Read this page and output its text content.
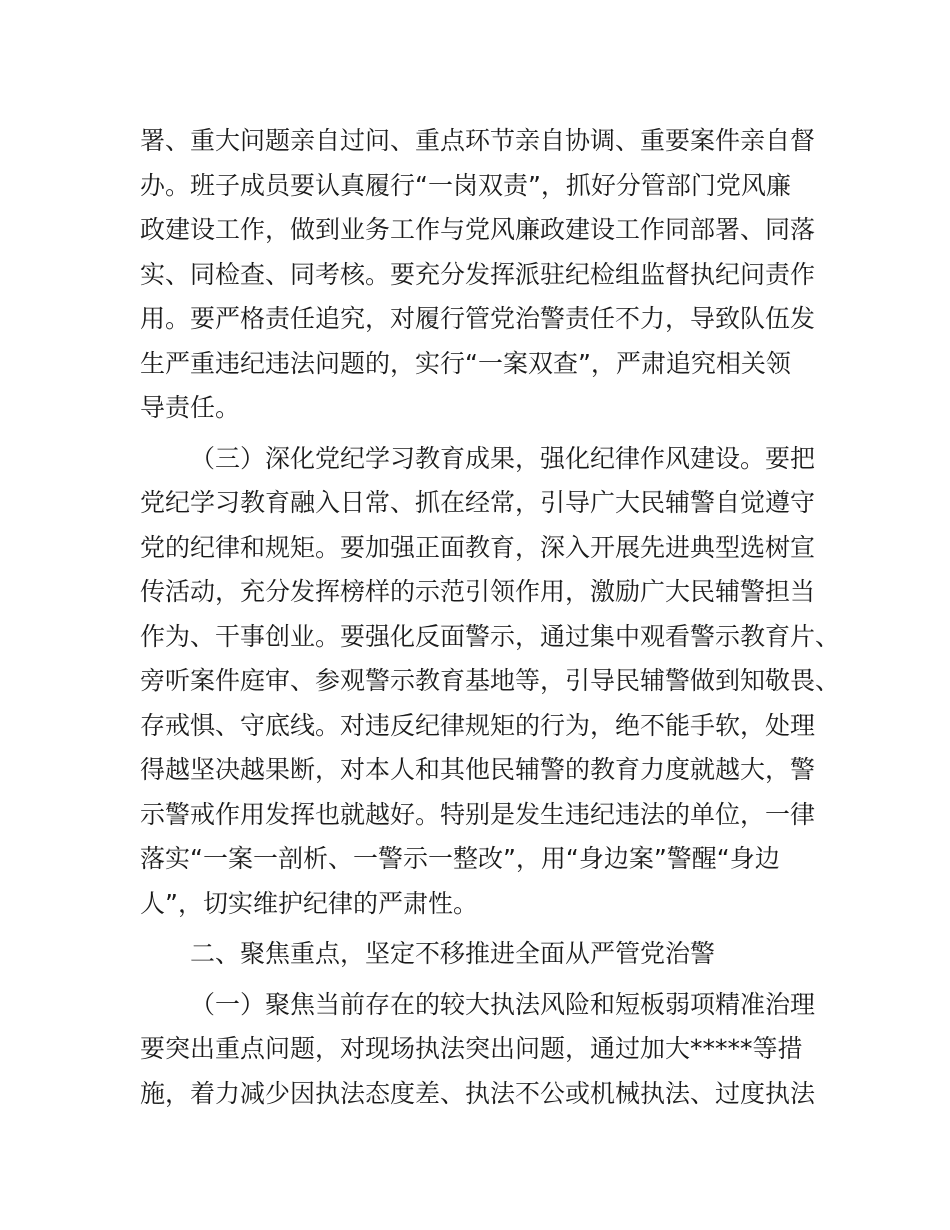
署、重大问题亲自过问、重点环节亲自协调、重要案件亲自督
办。班子成员要认真履行“一岗双责”，抓好分管部门党风廉
政建设工作，做到业务工作与党风廉政建设工作同部署、同落
实、同检查、同考核。要充分发挥派驻纪检组监督执纪问责作
用。要严格责任追究，对履行管党治警责任不力，导致队伍发
生严重违纪违法问题的，实行“一案双查”，严肃追究相关领
导责任。
（三）深化党纪学习教育成果，强化纪律作风建设。要把
党纪学习教育融入日常、抓在经常，引导广大民辅警自觉遵守
党的纪律和规矩。要加强正面教育，深入开展先进典型选树宣
传活动，充分发挥榜样的示范引领作用，激励广大民辅警担当
作为、干事创业。要强化反面警示，通过集中观看警示教育片、
旁听案件庭审、参观警示教育基地等，引导民辅警做到知敬畏、
存戒惧、守底线。对违反纪律规矩的行为，绝不能手软，处理
得越坚决越果断，对本人和其他民辅警的教育力度就越大，警
示警戒作用发挥也就越好。特别是发生违纪违法的单位，一律
落实“一案一剖析、一警示一整改”，用“身边案”警醒“身边
人”，切实维护纪律的严肃性。
二、聚焦重点，坚定不移推进全面从严管党治警
（一）聚焦当前存在的较大执法风险和短板弱项精准治理
要突出重点问题，对现场执法突出问题，通过加大*****等措
施，着力减少因执法态度差、执法不公或机械执法、过度执法
